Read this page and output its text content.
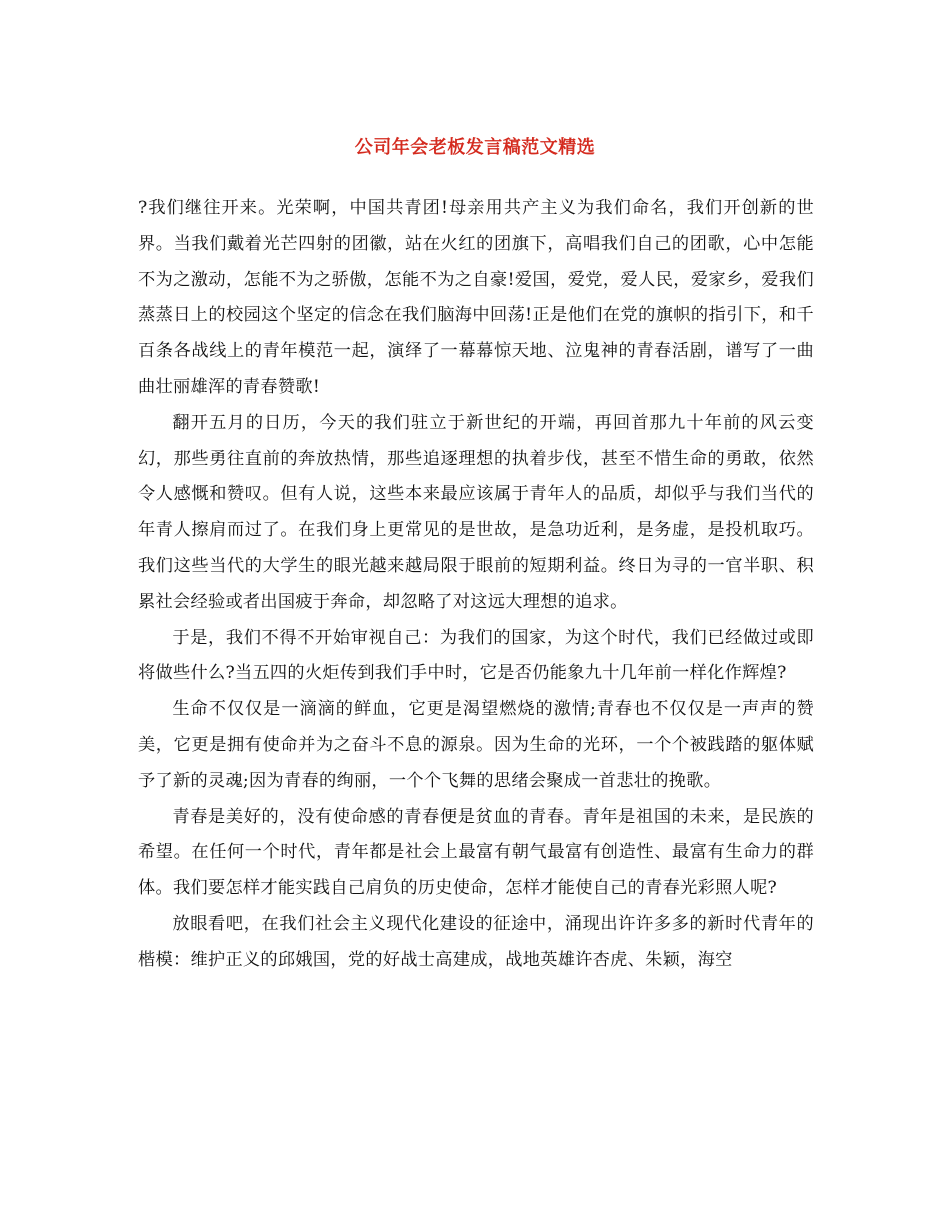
公司年会老板发言稿范文精选

?我们继往开来。光荣啊，中国共青团!母亲用共产主义为我们命名，我们开创新的世界。当我们戴着光芒四射的团徽，站在火红的团旗下，高唱我们自己的团歌，心中怎能不为之激动，怎能不为之骄傲，怎能不为之自豪!爱国，爱党，爱人民，爱家乡，爱我们蒸蒸日上的校园这个坚定的信念在我们脑海中回荡!正是他们在党的旗帜的指引下，和千百条各战线上的青年模范一起，演绎了一幕幕惊天地、泣鬼神的青春活剧，谱写了一曲曲壮丽雄浑的青春赞歌!

翻开五月的日历，今天的我们驻立于新世纪的开端，再回首那九十年前的风云变幻，那些勇往直前的奔放热情，那些追逐理想的执着步伐，甚至不惜生命的勇敢，依然令人感慨和赞叹。但有人说，这些本来最应该属于青年人的品质，却似乎与我们当代的年青人擦肩而过了。在我们身上更常见的是世故，是急功近利，是务虚，是投机取巧。我们这些当代的大学生的眼光越来越局限于眼前的短期利益。终日为寻的一官半职、积累社会经验或者出国疲于奔命，却忽略了对这远大理想的追求。

于是，我们不得不开始审视自己：为我们的国家，为这个时代，我们已经做过或即将做些什么?当五四的火炬传到我们手中时，它是否仍能象九十几年前一样化作辉煌?

生命不仅仅是一滴滴的鲜血，它更是渴望燃烧的激情;青春也不仅仅是一声声的赞美，它更是拥有使命并为之奋斗不息的源泉。因为生命的光环，一个个被践踏的躯体赋予了新的灵魂;因为青春的绚丽，一个个飞舞的思绪会聚成一首悲壮的挽歌。

青春是美好的，没有使命感的青春便是贫血的青春。青年是祖国的未来，是民族的希望。在任何一个时代，青年都是社会上最富有朝气最富有创造性、最富有生命力的群体。我们要怎样才能实践自己肩负的历史使命，怎样才能使自己的青春光彩照人呢?

放眼看吧，在我们社会主义现代化建设的征途中，涌现出许许多多的新时代青年的楷模：维护正义的邱娥国，党的好战士高建成，战地英雄许杏虎、朱颖，海空
